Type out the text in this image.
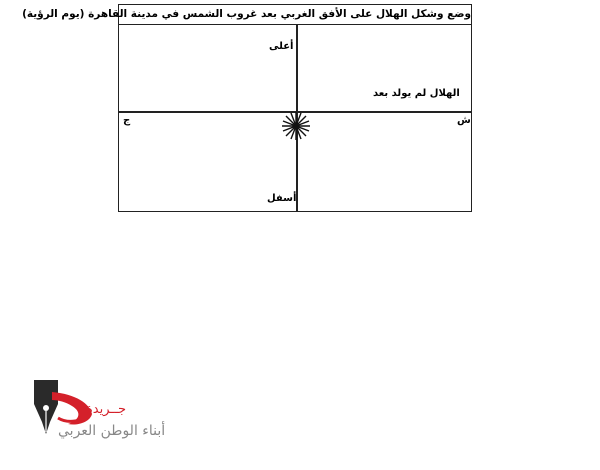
وضع وشكل الهلال على الأفق الغربي بعد غروب الشمس في مدينة القاهرة (يوم الرؤية)
أعلى
الهلال لم يولد بعد
ش
ج
أسفل
جــريدة
أبناء الوطن العربي
